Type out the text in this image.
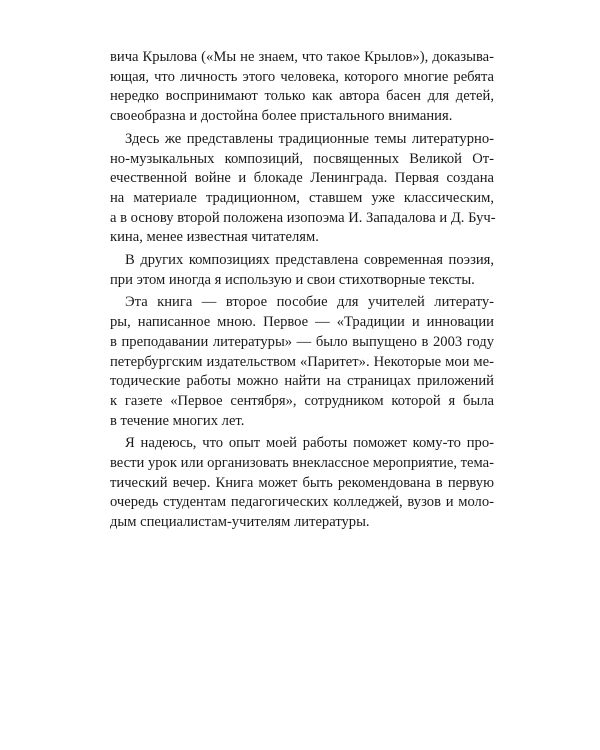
вича Крылова («Мы не знаем, что такое Крылов»), доказыва-
ющая, что личность этого человека, которого многие ребята
нередко воспринимают только как автора басен для детей,
своеобразна и достойна более пристального внимания.
Здесь же представлены традиционные темы литературно-
но-музыкальных композиций, посвященных Великой От-
ечественной войне и блокаде Ленинграда. Первая создана
на материале традиционном, ставшем уже классическим,
а в основу второй положена изопоэма И. Западалова и Д. Буч-
кина, менее известная читателям.
В других композициях представлена современная поэзия,
при этом иногда я использую и свои стихотворные тексты.
Эта книга — второе пособие для учителей литерату-
ры, написанное мною. Первое — «Традиции и инновации
в преподавании литературы» — было выпущено в 2003 году
петербургским издательством «Паритет». Некоторые мои ме-
тодические работы можно найти на страницах приложений
к газете «Первое сентября», сотрудником которой я была
в течение многих лет.
Я надеюсь, что опыт моей работы поможет кому-то про-
вести урок или организовать внеклассное мероприятие, тема-
тический вечер. Книга может быть рекомендована в первую
очередь студентам педагогических колледжей, вузов и моло-
дым специалистам-учителям литературы.
